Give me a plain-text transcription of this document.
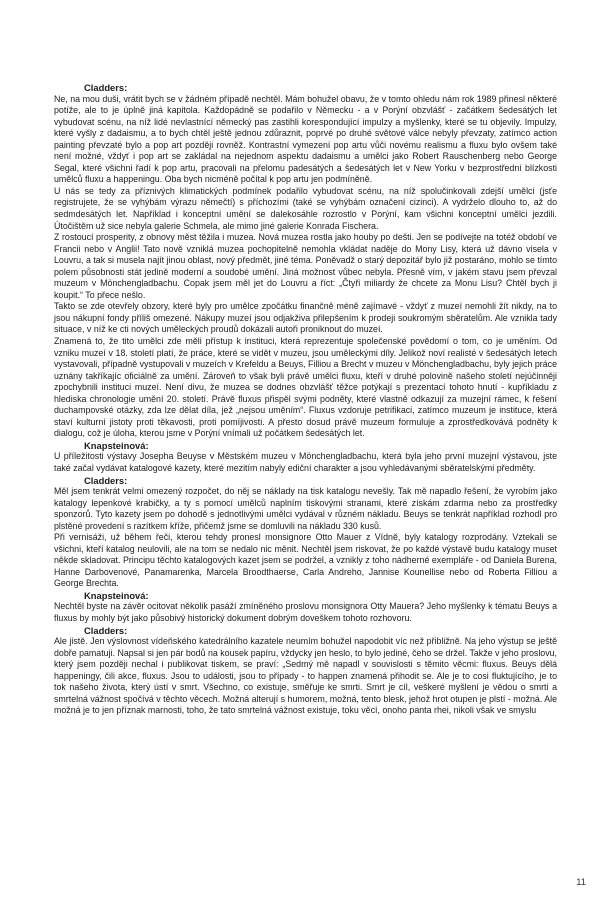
Cladders:

Ne, na mou duši, vrátit bych se v žádném případě nechtěl. Mám bohužel obavu, že v tomto ohledu nám rok 1989 přinesl některé potíže, ale to je úplně jiná kapitola. Každopádně se podařilo v Německu - a v Porýní obzvlášť - začátkem šedesátých let vybudovat scénu, na níž lidé nevlastnící německý pas zastihli korespondující impulzy a myšlenky, které se tu objevily. Impulzy, které vyšly z dadaismu, a to bych chtěl ještě jednou zdůraznit, poprvé po druhé světové válce nebyly převzaty, zatímco action painting převzaté bylo a pop art později rovněž. Kontrastní vymezení pop artu vůči novému realismu a fluxu bylo ovšem také není možné, vždyť i pop art se zakládal na nejednom aspektu dadaismu a umělci jako Robert Rauschenberg nebo George Segal, které všichni řadí k pop artu, pracovali na přelomu padesátých a šedesátých let v New Yorku v bezprostřední blízkosti umělců fluxu a happeningu. Oba bych nicméně počítal k pop artu jen podmíněně.

U nás se tedy za příznivých klimatických podmínek podařilo vybudovat scénu, na níž spolučinkovali zdejší umělci (jsťe registrujete, že se vyhýbám výrazu němečtí) s příchozími (také se vyhýbám označení cizinci). A vydrželo dlouho to, až do sedmdesátých let. Například i konceptní umění se dalekosáhle rozrostlo v Porýní, kam všichni konceptní umělci jezdili. Útočištěm už sice nebyla galerie Schmela, ale mimo jiné galerie Konrada Fischera.

Z rostoucí prosperity, z obnovy měst těžila i muzea. Nová muzea rostla jako houby po dešti. Jen se podívejte na totéž období ve Francii nebo v Anglii! Tato nově vzniklá muzea pochopitelně nemohla vkládat naděje do Mony Lisy, která už dávno visela v Louvru, a tak si musela najít jinou oblast, nový předmět, jiné téma. Poněvadž o starý depozitář bylo již postaráno, mohlo se tímto polem působnosti stát jedině moderní a soudobé umění. Jiná možnost vůbec nebyla. Přesně vím, v jakém stavu jsem převzal muzeum v Mönchengladbachu. Copak jsem měl jet do Louvru a říct: „Čtyři miliardy že chcete za Monu Lisu? Chtěl bych ji koupit.“ To přece nešlo.

Takto se zde otevřely obzory, které byly pro umělce zpočátku finančně méně zajímavé - vždyť z muzeí nemohli žít nikdy, na to jsou nákupní fondy příliš omezené. Nákupy muzeí jsou odjakživa přilepšením k prodeji soukromým sběratelům. Ale vznikla tady situace, v níž ke cti nových uměleckých proudů dokázali autoři proniknout do muzeí.

Znamená to, že tito umělci zde měli přístup k instituci, která reprezentuje společenské povědomí o tom, co je uměním. Od vzniku muzeí v 18. století platí, že práce, které se vidět v muzeu, jsou uměleckými díly. Jelikož noví realisté v šedesátých letech vystavovali, případně vystupovali v muzeích v Krefeldu a Beuys, Filliou a Brecht v muzeu v Mönchengladbachu, byly jejich práce uznány takříkajíc oficiálně za umění. Zároveň to však byli právě umělci fluxu, kteří v druhé polovině našeho století nejúčinněji zpochybnili instituci muzeí. Není divu, že muzea se dodnes obzvlášť těžce potýkají s prezentací tohoto hnutí - kupříkladu z hlediska chronologie umění 20. století. Právě fluxus přispěl svými podněty, které vlastně odkazují za muzejní rámec, k řešení duchampovské otázky, zda lze dělat díla, jež „nejsou uměním“. Fluxus vzdoruje petrifikaci, zatímco muzeum je instituce, která staví kulturní jistoty proti těkavosti, proti pomíjivosti. A přesto dosud právě muzeum formuluje a zprostředkovává podněty k dialogu, což je úloha, kterou jsme v Porýní vnímali už počátkem šedesátých let.

Knapsteinová:

U příležitosti výstavy Josepha Beuyse v Městském muzeu v Mönchengladbachu, která byla jeho první muzejní výstavou, jste také začal vydávat katalogové kazety, které mezitím nabyly ediční charakter a jsou vyhledávanými sběratelskými předměty.

Cladders:

Měl jsem tenkrát velmi omezený rozpočet, do něj se náklady na tisk katalogu nevešly. Tak mě napadlo řešení, že vyrobím jako katalogy lepenkové krabičky, a ty s pomocí umělců naplním tiskovými stranami, které získám zdarma nebo za prostředky sponzorů. Tyto kazety jsem po dohodě s jednotlivými umělci vydával v různém nákladu. Beuys se tenkrát například rozhodl pro plstěné provedení s razítkem kříže, přičemž jsme se domluvili na nákladu 330 kusů.

Při vernisáži, už během řeči, kterou tehdy pronesl monsignore Otto Mauer z Vídně, byly katalogy rozprodány. Vztekali se všichni, kteří katalog neulovili, ale na tom se nedalo nic měnit. Nechtěl jsem riskovat, že po každé výstavě budu katalogy muset někde skladovat. Principu těchto katalogových kazet jsem se podržel, a vznikly z toho nádherné exempláře - od Daniela Burena, Hanne Darbovenové, Panamarenka, Marcela Broodthaerse, Carla Andreho, Jannise Kounellise nebo od Roberta Filliou a George Brechta.

Knapsteinová:

Nechtěl byste na závěr ocitovat několik pasáží zmíněného proslovu monsignora Otty Mauera? Jeho myšlenky k tématu Beuys a fluxus by mohly být jako působivý historický dokument dobrým doveškem tohoto rozhovoru.

Cladders:

Ale jistě. Jen výslovnost vídeňského katedrálního kazatele neumím bohužel napodobit víc než přibližně. Na jeho výstup se ještě dobře pamatuji. Napsal si jen pár bodů na kousek papíru, vždycky jen heslo, to bylo jediné, čeho se držel. Takže v jeho proslovu, který jsem později nechal i publikovat tiskem, se praví: „Sedmý mě napadl v souvislosti s těmito věcmi: fluxus. Beuys dělá happeningy, čili akce, fluxus. Jsou to události, jsou to případy - to happen znamená přihodit se. Ale je to cosi fluktujícího, je to tok našeho života, který ústí v smrt. Všechno, co existuje, směřuje ke smrti. Smrt je cíl, veškeré myšlení je vědou o smrti a smrtelná vážnost spočívá v těchto věcech. Možná alterují s humorem, možná, tento blesk, jehož hrot otupen je plstí - možná. Ale možná je to jen příznak marnosti, toho, že tato smrtelná vážnost existuje, toku věcí, onoho panta rhei, nikoli však ve smyslu

11
